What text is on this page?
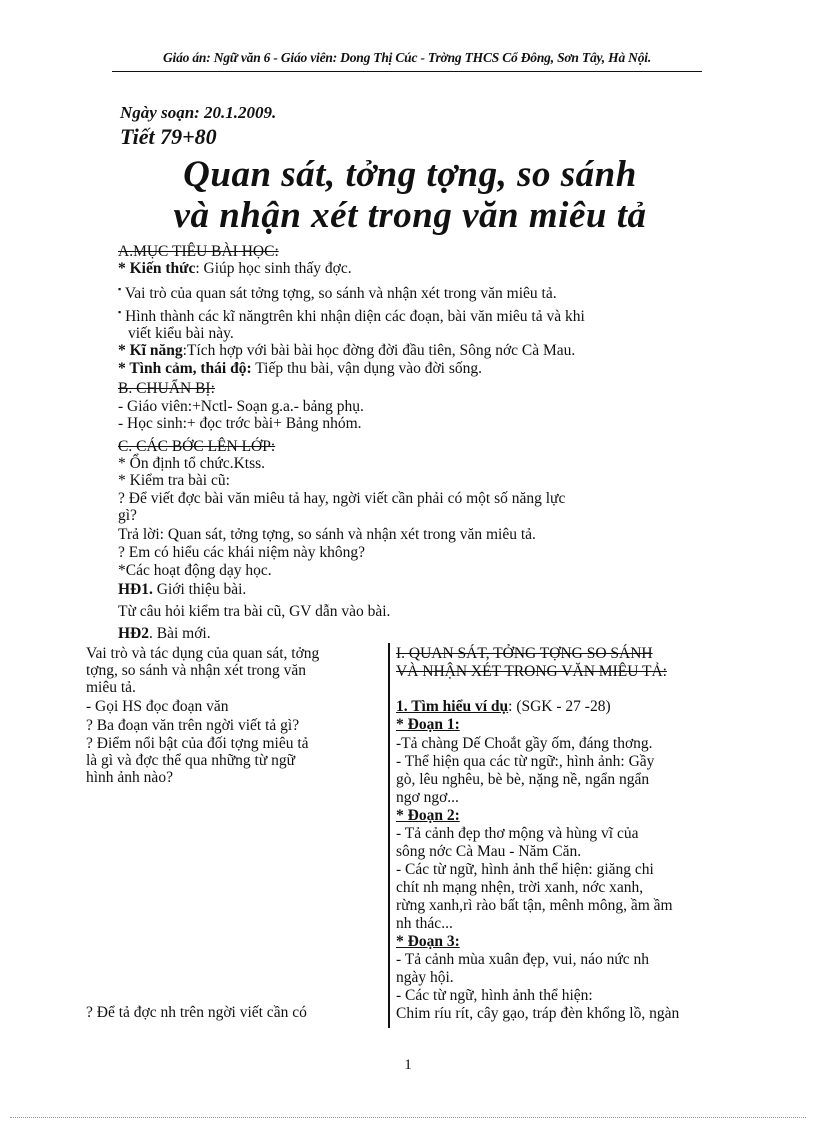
Giáo án: Ngữ văn 6 - Giáo viên: Dong Thị Cúc - Trờng THCS Cổ Đông, Sơn Tây, Hà Nội.
Ngày soạn: 20.1.2009.
Tiết 79+80
Quan sát, tởng tợng, so sánh
và nhận xét trong văn miêu tả
A.MỤC TIÊU BÀI HỌC:
* Kiến thức: Giúp học sinh thấy đợc.
▪ Vai trò của quan sát tởng tợng, so sánh và nhận xét trong văn miêu tả.
▪ Hình thành các kĩ năngtrên khi nhận diện các đoạn, bài văn miêu tả và khi
viết kiểu bài này.
* Kĩ năng:Tích hợp với bài bài học đờng đời đầu tiên, Sông nớc Cà Mau.
* Tình cảm, thái độ: Tiếp thu bài, vận dụng vào đời sống.
B. CHUẨN BỊ:
- Giáo viên:+Nctl- Soạn g.a.- bảng phụ.
- Học sinh:+ đọc trớc bài+ Bảng nhóm.
C. CÁC BỚC LÊN LỚP:
* Ổn định tổ chức.Ktss.
* Kiểm tra bài cũ:
? Để viết đợc bài văn miêu tả hay, ngời viết cần phải có một số năng lực
gì?
Trả lời: Quan sát, tởng tợng, so sánh và nhận xét trong văn miêu tả.
? Em có hiểu các khái niệm này không?
*Các hoạt động dạy học.
HĐ1. Giới thiệu bài.
Từ câu hỏi kiểm tra bài cũ, GV dẫn vào bài.
HĐ2. Bài mới.
Vai trò và tác dụng của quan sát, tởng
tợng, so sánh và nhận xét trong văn
miêu tả.
- Gọi HS đọc đoạn văn
? Ba đoạn văn trên ngời viết tả gì?
? Điểm nổi bật của đối tợng miêu tả
là gì và đợc thể qua những từ ngữ
hình ảnh nào?
? Để tả đợc nh trên ngời viết cần có
I. QUAN SÁT, TỞNG TỢNG SO SÁNH
VÀ NHẬN XÉT TRONG VĂN MIÊU TẢ:
1. Tìm hiểu ví dụ: (SGK - 27 -28)
* Đoạn 1:
-Tả chàng Dế Choắt gầy ốm, đáng thơng.
- Thể hiện qua các từ ngữ:, hình ảnh: Gầy
gò, lêu nghêu, bè bè, nặng nề, ngẩn ngẩn
ngơ ngơ...
* Đoạn 2:
- Tả cảnh đẹp thơ mộng và hùng vĩ của
sông nớc Cà Mau - Năm Căn.
- Các từ ngữ, hình ảnh thể hiện: giăng chi
chít nh mạng nhện, trời xanh, nớc xanh,
rừng xanh,rì rào bất tận, mênh mông, ầm ầm
nh thác...
* Đoạn 3:
- Tả cảnh mùa xuân đẹp, vui, náo nức nh
ngày hội.
- Các từ ngữ, hình ảnh thể hiện:
Chim ríu rít, cây gạo, tráp đèn khổng lồ, ngàn
1
